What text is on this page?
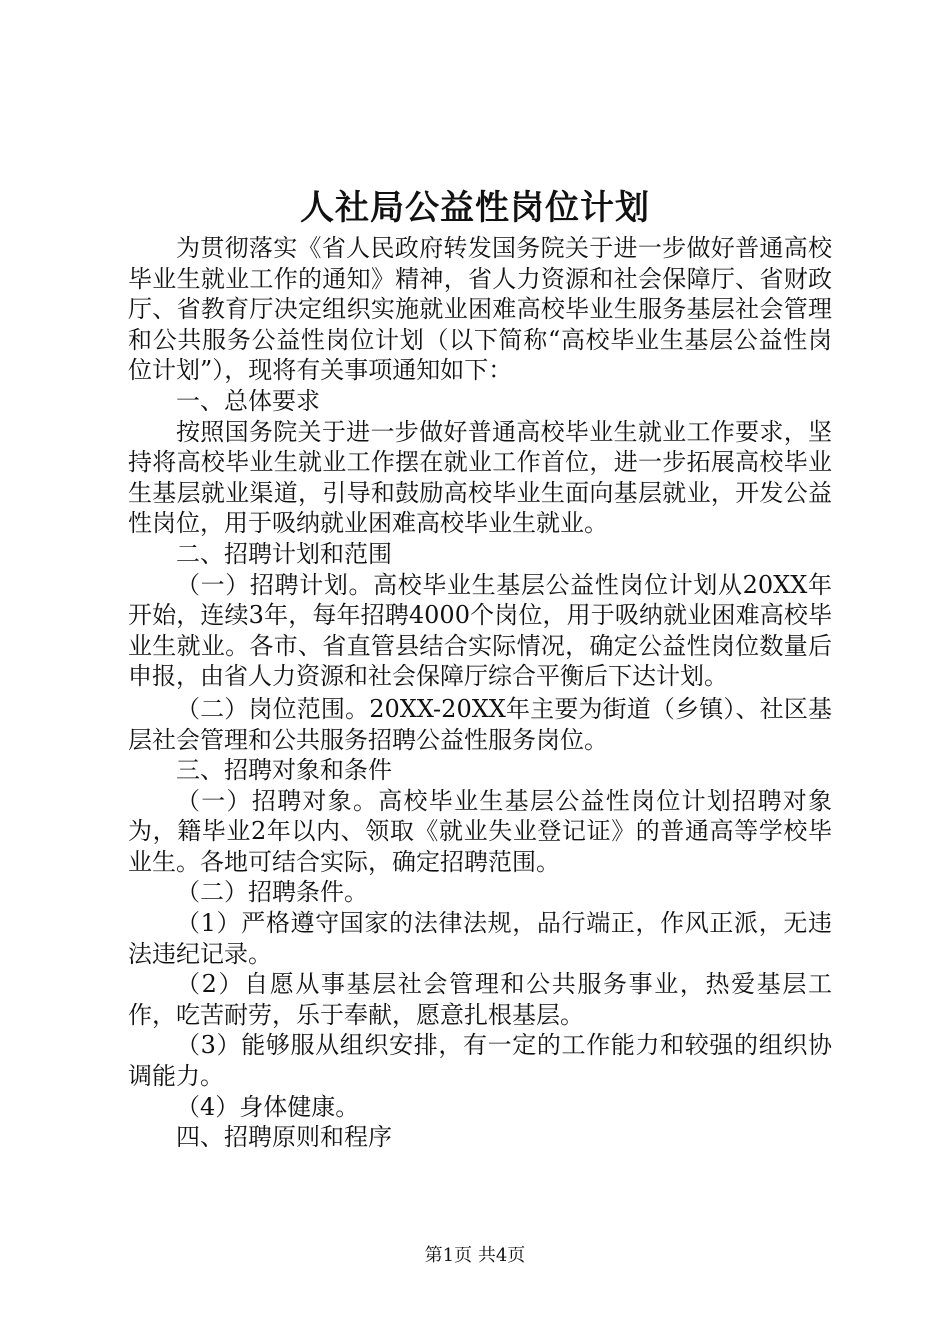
人社局公益性岗位计划

为贯彻落实《省人民政府转发国务院关于进一步做好普通高校毕业生就业工作的通知》精神，省人力资源和社会保障厅、省财政厅、省教育厅决定组织实施就业困难高校毕业生服务基层社会管理和公共服务公益性岗位计划（以下简称“高校毕业生基层公益性岗位计划”），现将有关事项通知如下：

一、总体要求

按照国务院关于进一步做好普通高校毕业生就业工作要求，坚持将高校毕业生就业工作摆在就业工作首位，进一步拓展高校毕业生基层就业渠道，引导和鼓励高校毕业生面向基层就业，开发公益性岗位，用于吸纳就业困难高校毕业生就业。

二、招聘计划和范围

（一）招聘计划。高校毕业生基层公益性岗位计划从20XX年开始，连续3年，每年招聘4000个岗位，用于吸纳就业困难高校毕业生就业。各市、省直管县结合实际情况，确定公益性岗位数量后申报，由省人力资源和社会保障厅综合平衡后下达计划。

（二）岗位范围。20XX-20XX年主要为街道（乡镇）、社区基层社会管理和公共服务招聘公益性服务岗位。

三、招聘对象和条件

（一）招聘对象。高校毕业生基层公益性岗位计划招聘对象为，籍毕业2年以内、领取《就业失业登记证》的普通高等学校毕业生。各地可结合实际，确定招聘范围。

（二）招聘条件。

（1）严格遵守国家的法律法规，品行端正，作风正派，无违法违纪记录。

（2）自愿从事基层社会管理和公共服务事业，热爱基层工作，吃苦耐劳，乐于奉献，愿意扎根基层。

（3）能够服从组织安排，有一定的工作能力和较强的组织协调能力。

（4）身体健康。

四、招聘原则和程序

第1页 共4页
